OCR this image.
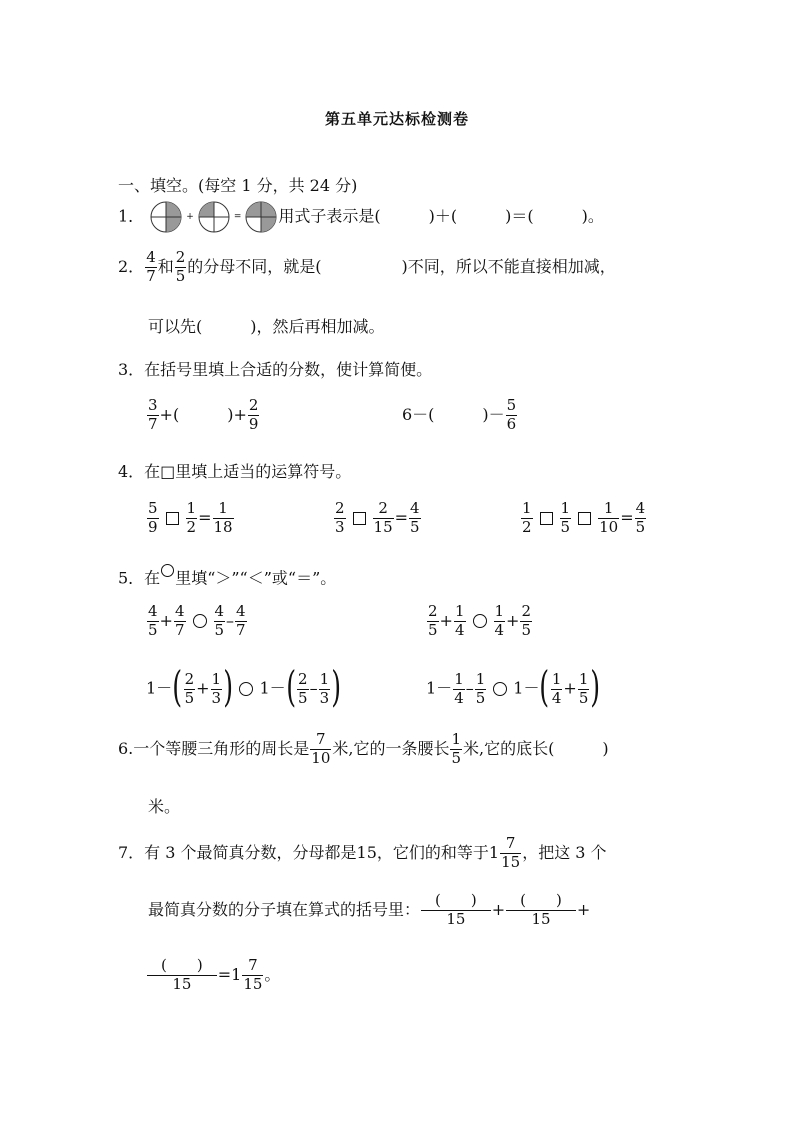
第五单元达标检测卷
一、填空。(每空 1 分，共 24 分)
1．	+	= 用式子表示是(　　　)＋(　　　)＝(　　　)。
2． $\frac{4}{7}$ 和 $\frac{2}{5}$ 的分母不同，就是(　　　　　)不同，所以不能直接相加减，
可以先(　　　)，然后再相加减。
3．在括号里填上合适的分数，使计算简便。
$\frac{3}{7}$ +(　　　)+ $\frac{2}{9}$	6－(　　　)－ $\frac{5}{6}$
4．在□里填上适当的运算符号。
$\frac{5}{9} \frac{1}{2} = \frac{1}{18}$	$\frac{2}{3} \frac{2}{15} = \frac{4}{5}$	$\frac{1}{2} \frac{1}{5} \frac{1}{10} = \frac{4}{5}$
5．在 里填“＞”“＜”或“＝”。
$\frac{4}{5} + \frac{4}{7} \frac{4}{5} - \frac{4}{7}$	$\frac{2}{5} + \frac{1}{4} \frac{1}{4} + \frac{2}{5}$
$1-( \frac{2}{5} + \frac{1}{3}$ ) $1-( \frac{2}{5} - \frac{1}{3}$ )	$1- \frac{1}{4} - \frac{1}{5} 1-( \frac{1}{4} + \frac{1}{5}$ )
6.一个等腰三角形的周长是 $\frac{7}{10}$ 米,它的一条腰长 $\frac{1}{5}$ 米,它的底长(　　　)
米。
7．有 3 个最简真分数，分母都是15，它们的和等于$1 \frac{7}{15}$ ，把这 3 个
最简真分数的分子填在算式的括号里： $\frac{( )}{15} + \frac{( )}{15}$ +
$\frac{( )}{15} =1 \frac{7}{15}$ 。
